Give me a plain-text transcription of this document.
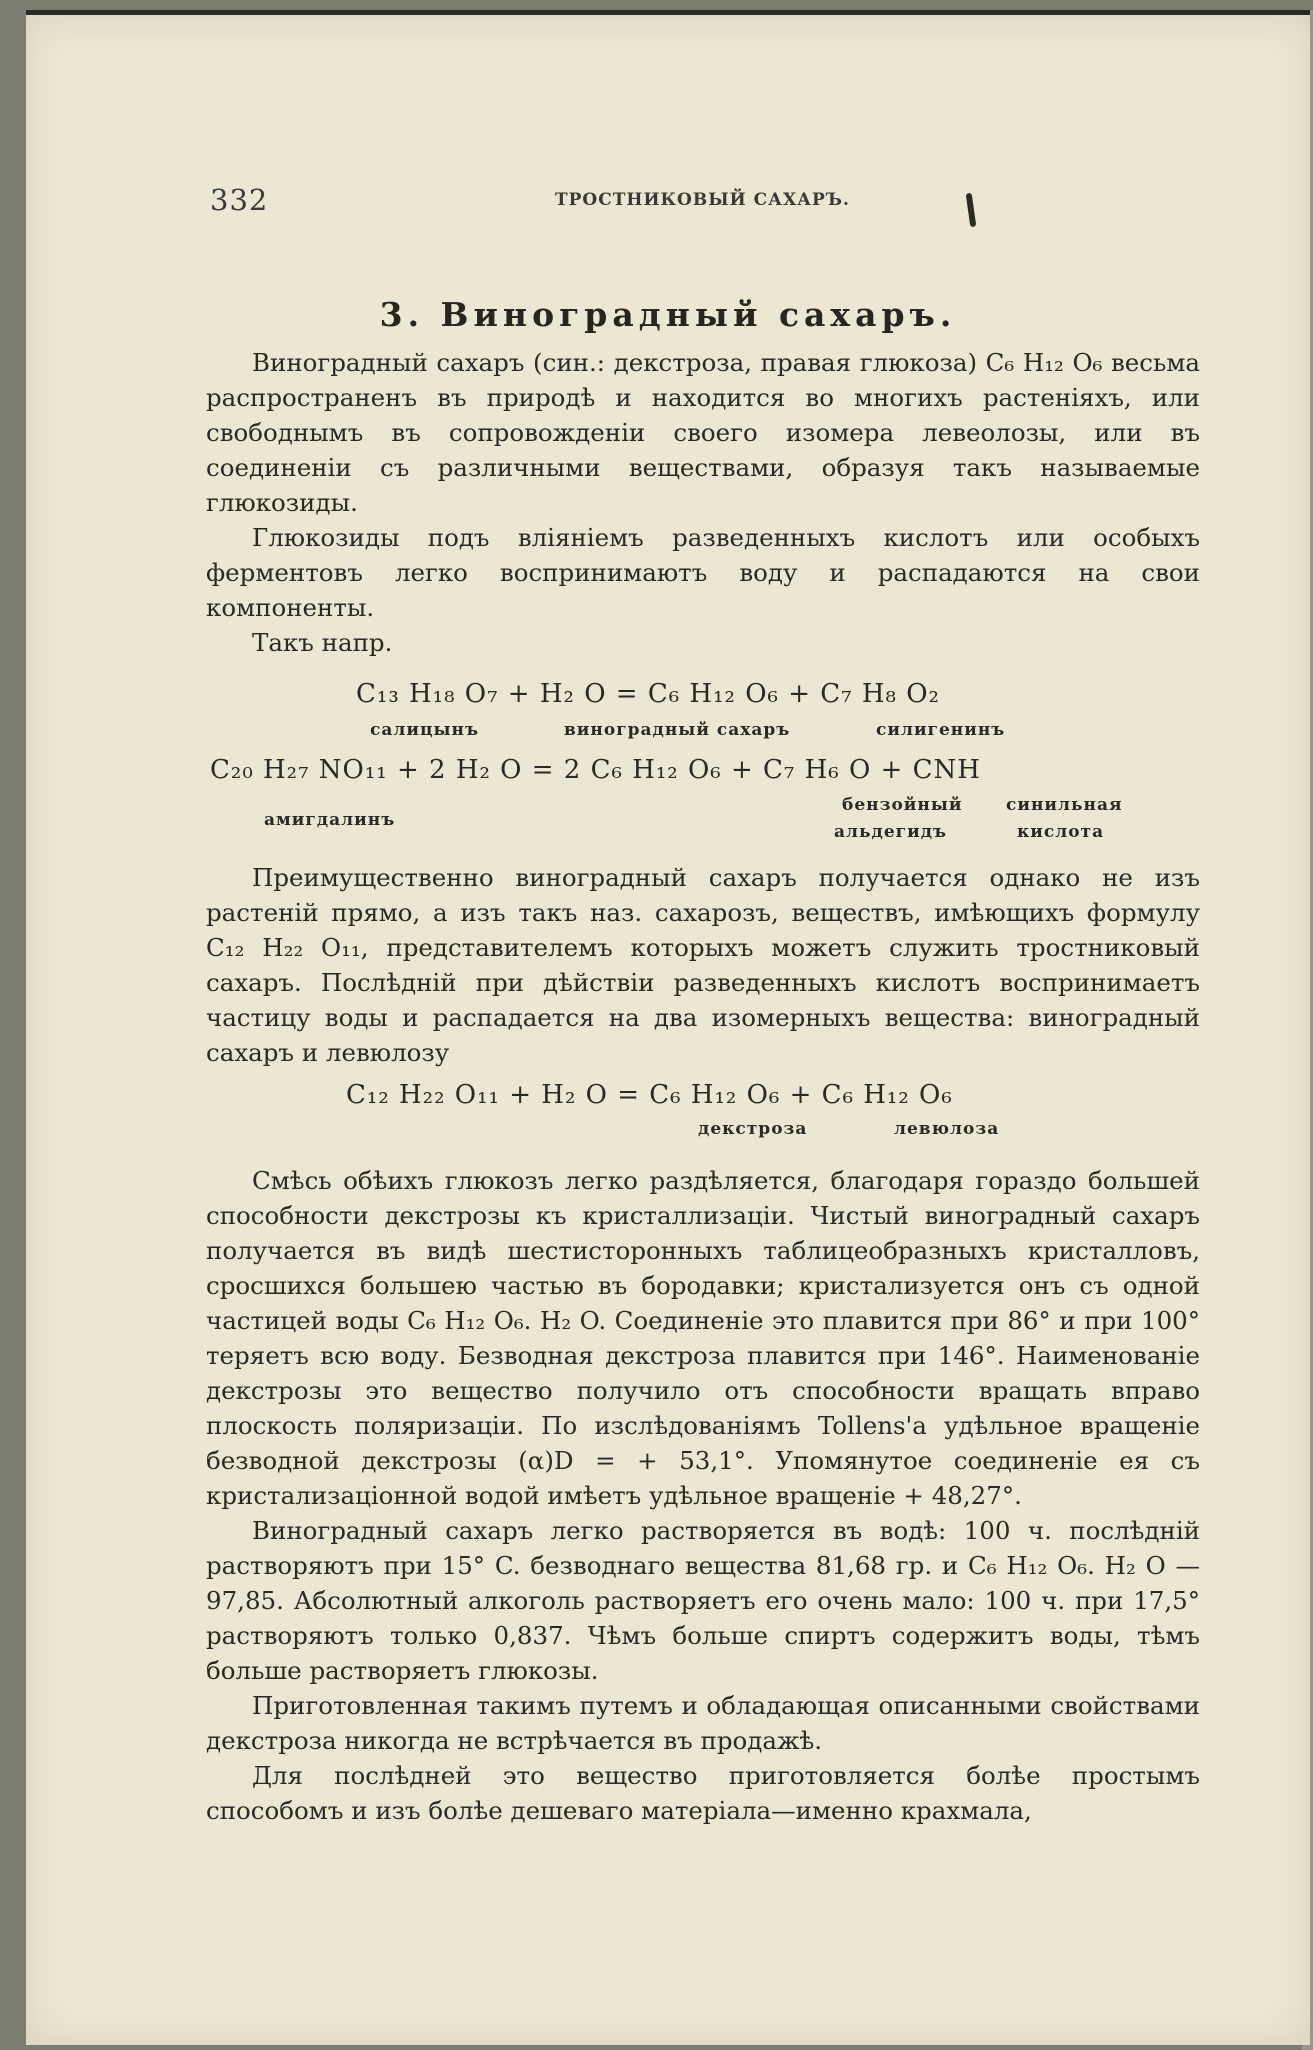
332	ТРОСТНИКОВЫЙ САХАРЪ.
3. Виноградный сахаръ.

Виноградный сахаръ (син.: декстроза, правая глюкоза) C₆ H₁₂ O₆ весьма распространенъ въ природѣ и находится во многихъ растеніяхъ, или свободнымъ въ сопровожденіи своего изомера левеолозы, или въ соединеніи съ различными веществами, образуя такъ называемые глюкозиды.

Глюкозиды подъ вліяніемъ разведенныхъ кислотъ или особыхъ ферментовъ легко воспринимаютъ воду и распадаются на свои компоненты.

Такъ напр.

C₁₃ H₁₈ O₇ + H₂ O = C₆ H₁₂ O₆ + C₇ H₈ O₂
салицынъ	виноградный сахаръ	силигенинъ
C₂₀ H₂₇ NO₁₁ + 2 H₂ O = 2 C₆ H₁₂ O₆ + C₇ H₆ O + CNH
амигдалинъ
бензойный
альдегидъ
синильная
кислота

Преимущественно виноградный сахаръ получается однако не изъ растеній прямо, а изъ такъ наз. сахарозъ, веществъ, имѣющихъ формулу C₁₂ H₂₂ O₁₁, представителемъ которыхъ можетъ служить тростниковый сахаръ. Послѣдній при дѣйствіи разведенныхъ кислотъ воспринимаетъ частицу воды и распадается на два изомерныхъ вещества: виноградный сахаръ и левюлозу

C₁₂ H₂₂ O₁₁ + H₂ O = C₆ H₁₂ O₆ + C₆ H₁₂ O₆
декстроза	левюлоза

Смѣсь обѣихъ глюкозъ легко раздѣляется, благодаря гораздо большей способности декстрозы къ кристаллизаціи. Чистый виноградный сахаръ получается въ видѣ шестисторонныхъ таблицеобразныхъ кристалловъ, сросшихся большею частью въ бородавки; кристализуется онъ съ одной частицей воды C₆ H₁₂ O₆. H₂ O. Соединеніе это плавится при 86° и при 100° теряетъ всю воду. Безводная декстроза плавится при 146°. Наименованіе декстрозы это вещество получило отъ способности вращать вправо плоскость поляризаціи. По изслѣдованіямъ Tollens'a удѣльное вращеніе безводной декстрозы (α)D = + 53,1°. Упомянутое соединеніе ея съ кристализаціонной водой имѣетъ удѣльное вращеніе + 48,27°.

Виноградный сахаръ легко растворяется въ водѣ: 100 ч. послѣдній растворяютъ при 15° C. безводнаго вещества 81,68 гр. и C₆ H₁₂ O₆. H₂ O — 97,85. Абсолютный алкоголь растворяетъ его очень мало: 100 ч. при 17,5° растворяютъ только 0,837. Чѣмъ больше спиртъ содержитъ воды, тѣмъ больше растворяетъ глюкозы.

Приготовленная такимъ путемъ и обладающая описанными свойствами декстроза никогда не встрѣчается въ продажѣ.

Для послѣдней это вещество приготовляется болѣе простымъ способомъ и изъ болѣе дешеваго матеріала—именно крахмала,
